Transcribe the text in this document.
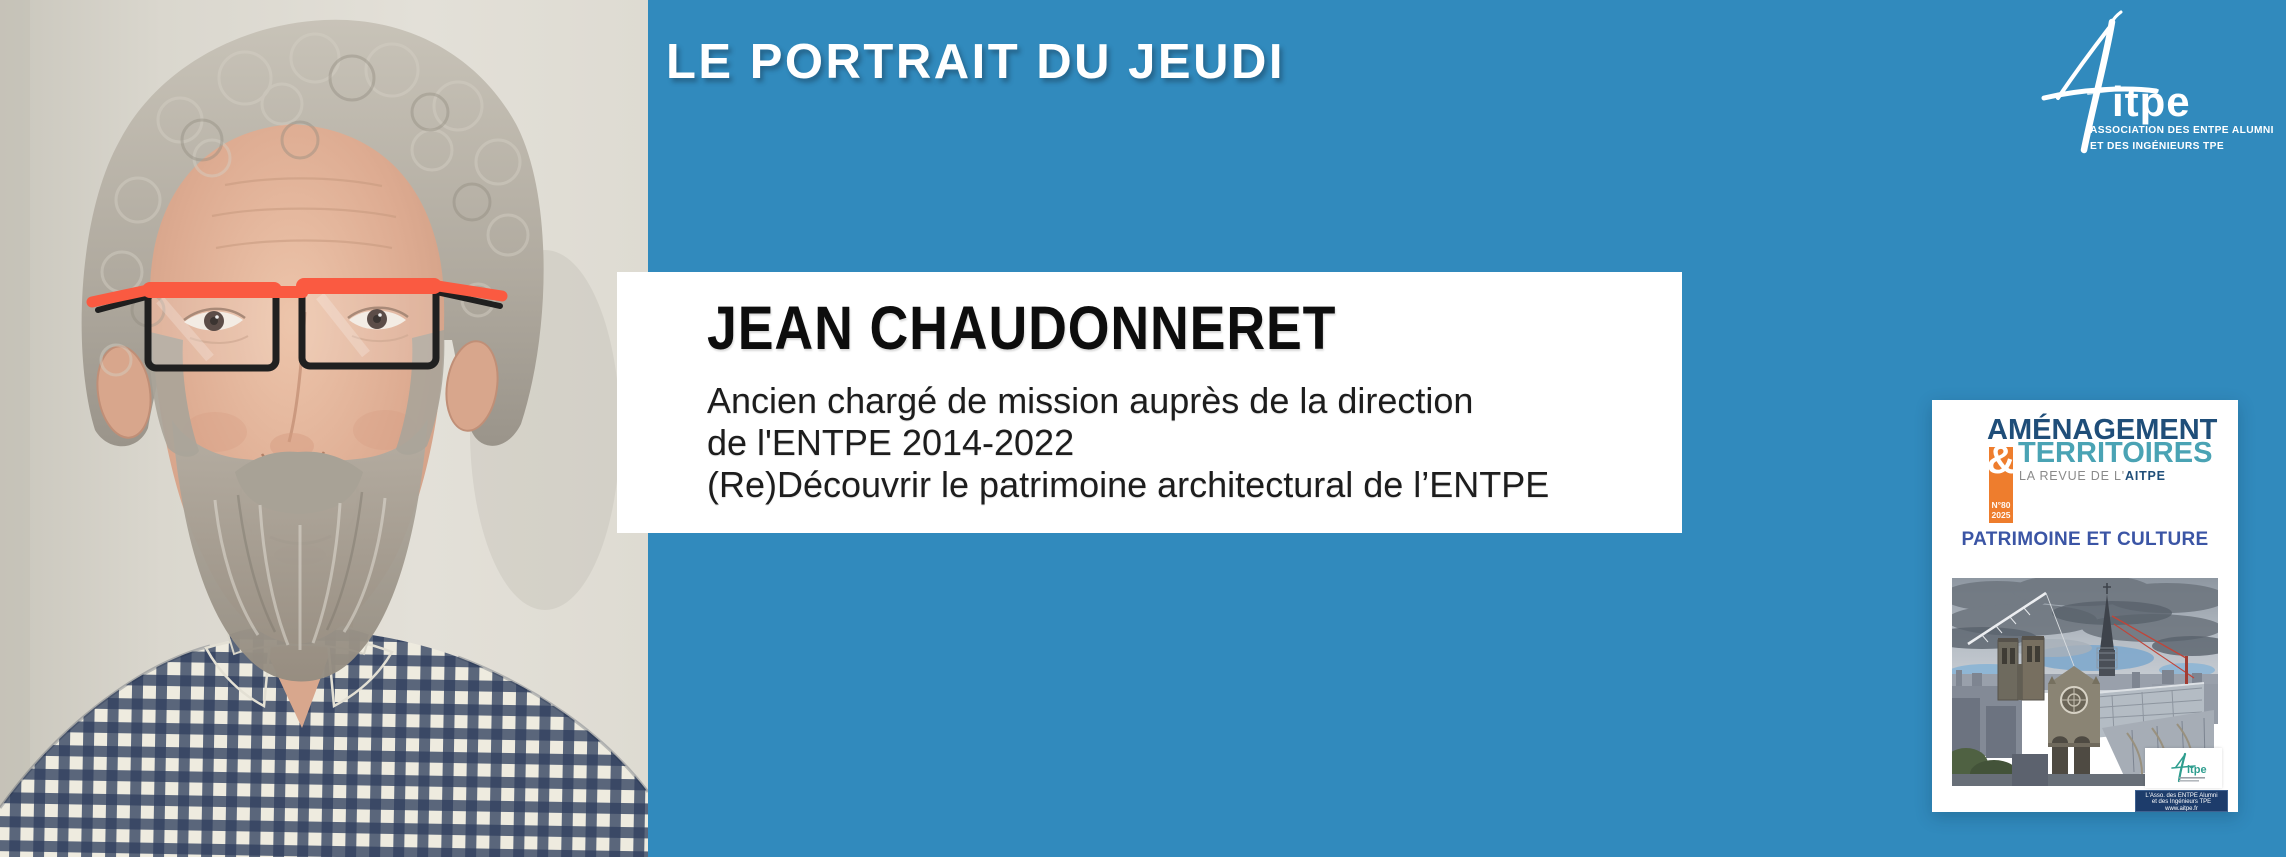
LE PORTRAIT DU JEUDI
itpe
ASSOCIATION DES ENTPE ALUMNI
ET DES INGÉNIEURS TPE
JEAN CHAUDONNERET
Ancien chargé de mission auprès de la direction
de l'ENTPE 2014-2022
(Re)Découvrir le patrimoine architectural de l’ENTPE
AMÉNAGEMENT
TERRITOIRES
LA REVUE DE L'AITPE
&
N°80
2025
PATRIMOINE ET CULTURE
itpe
L'Asso. des ENTPE Alumni
et des Ingénieurs TPE
www.aitpe.fr
